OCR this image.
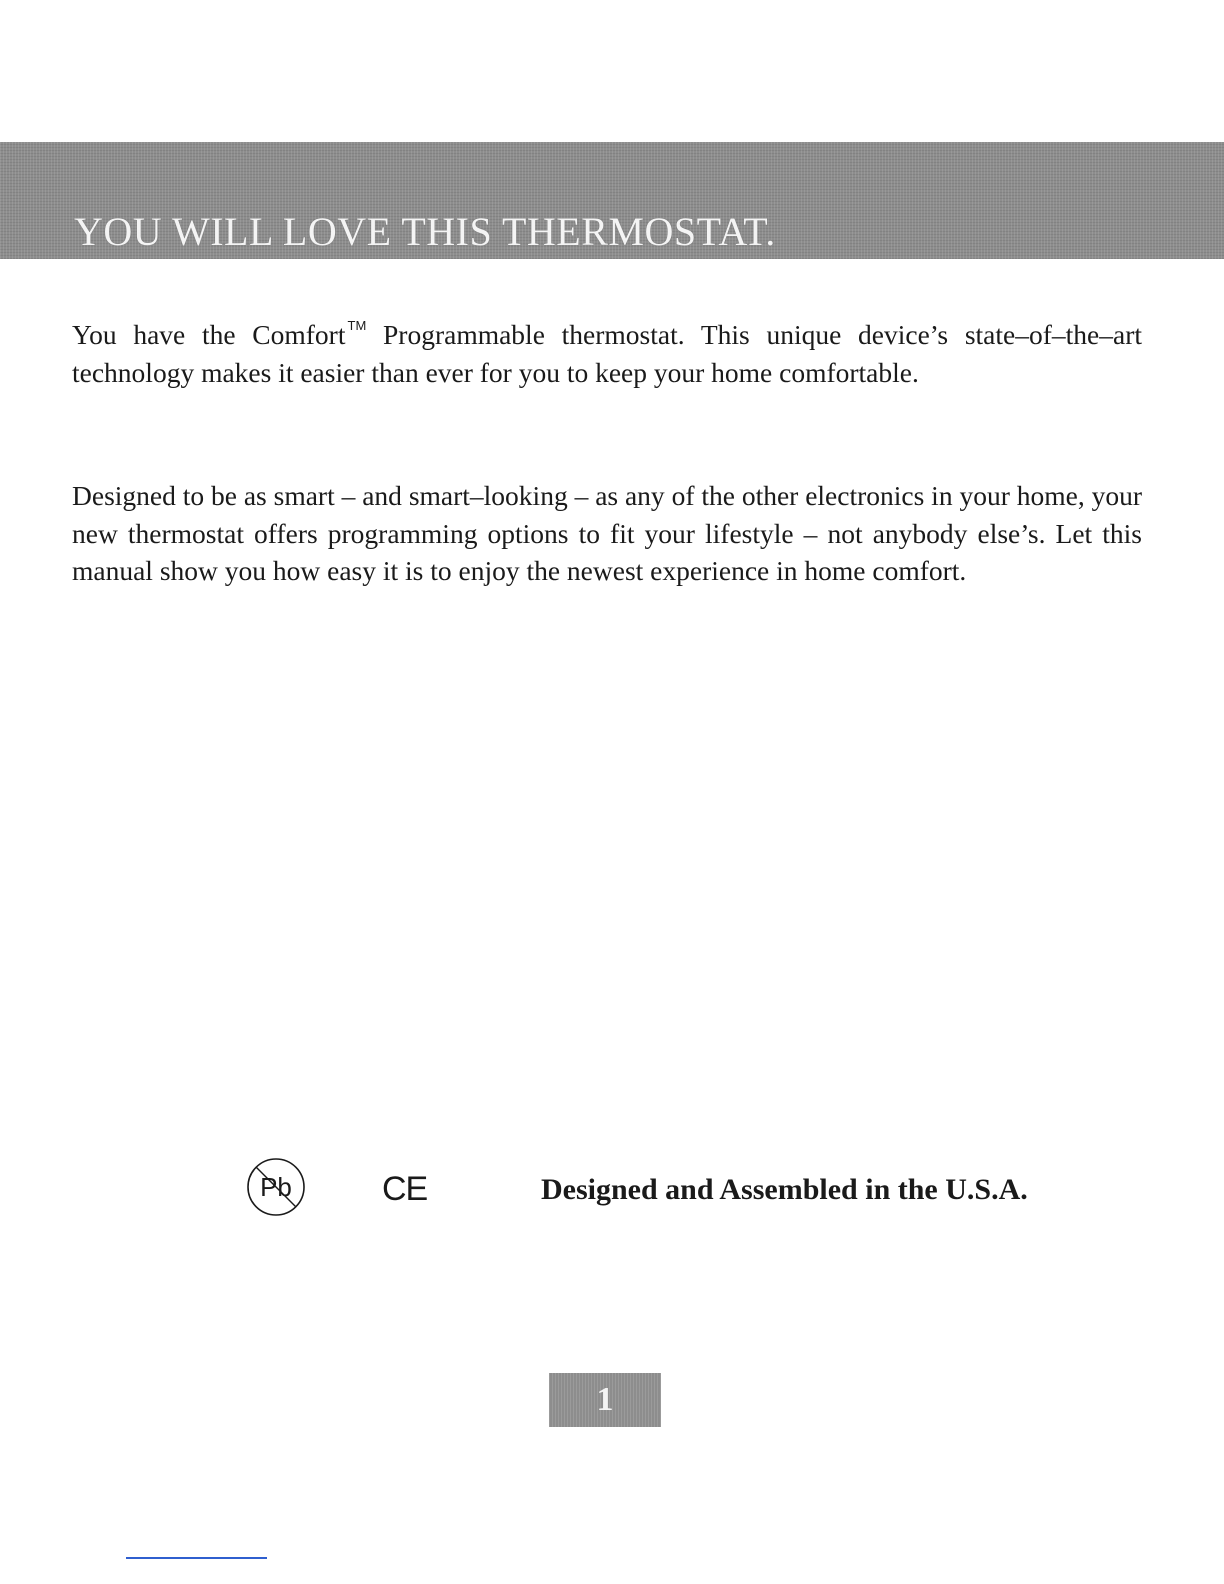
YOU WILL LOVE THIS THERMOSTAT.

You have the Comfort ™ Programmable thermostat. This unique device’s state–of–the–art technology makes it easier than ever for you to keep your home comfortable.

Designed to be as smart – and smart–looking – as any of the other electronics in your home, your new thermostat offers programming options to fit your lifestyle – not anybody else’s. Let this manual show you how easy it is to enjoy the newest experience in home comfort.

Pb	CE	Designed and Assembled in the U.S.A.
1
